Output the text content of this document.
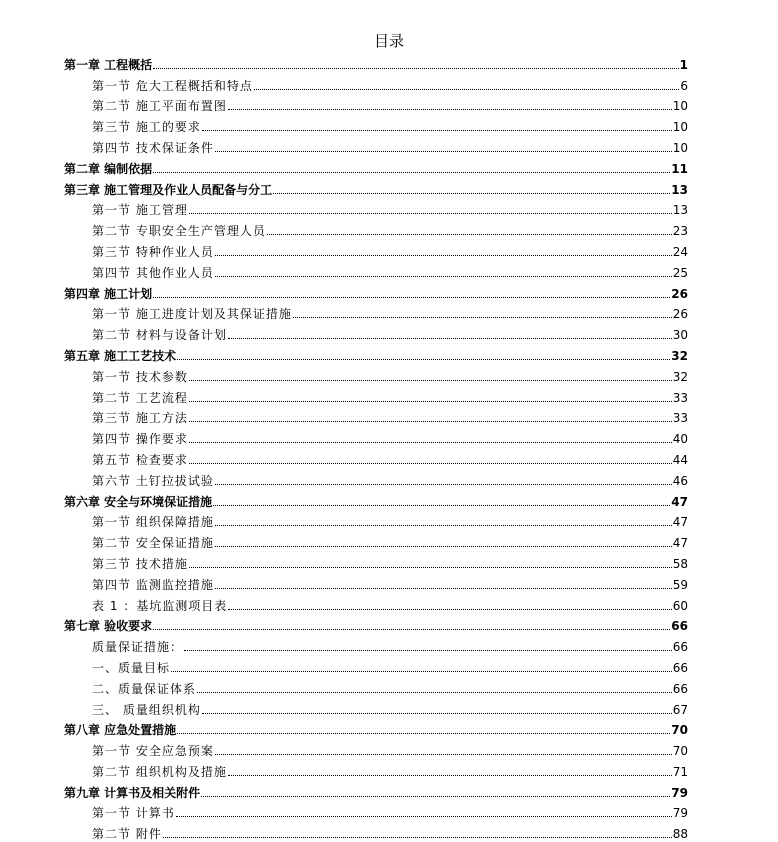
目录
第一章 工程概括	1
第一节 危大工程概括和特点	6
第二节 施工平面布置图	10
第三节 施工的要求	10
第四节 技术保证条件	10
第二章 编制依据	11
第三章 施工管理及作业人员配备与分工	13
第一节 施工管理	13
第二节 专职安全生产管理人员	23
第三节 特种作业人员	24
第四节 其他作业人员	25
第四章 施工计划	26
第一节 施工进度计划及其保证措施	26
第二节 材料与设备计划	30
第五章 施工工艺技术	32
第一节 技术参数	32
第二节 工艺流程	33
第三节 施工方法	33
第四节 操作要求	40
第五节 检查要求	44
第六节 土钉拉拔试验	46
第六章 安全与环境保证措施	47
第一节 组织保障措施	47
第二节 安全保证措施	47
第三节 技术措施	58
第四节 监测监控措施	59
表 1 ：基坑监测项目表	60
第七章 验收要求	66
质量保证措施：	66
一、质量目标	66
二、质量保证体系	66
三、 质量组织机构	67
第八章 应急处置措施	70
第一节 安全应急预案	70
第二节 组织机构及措施	71
第九章 计算书及相关附件	79
第一节 计算书	79
第二节 附件	88
